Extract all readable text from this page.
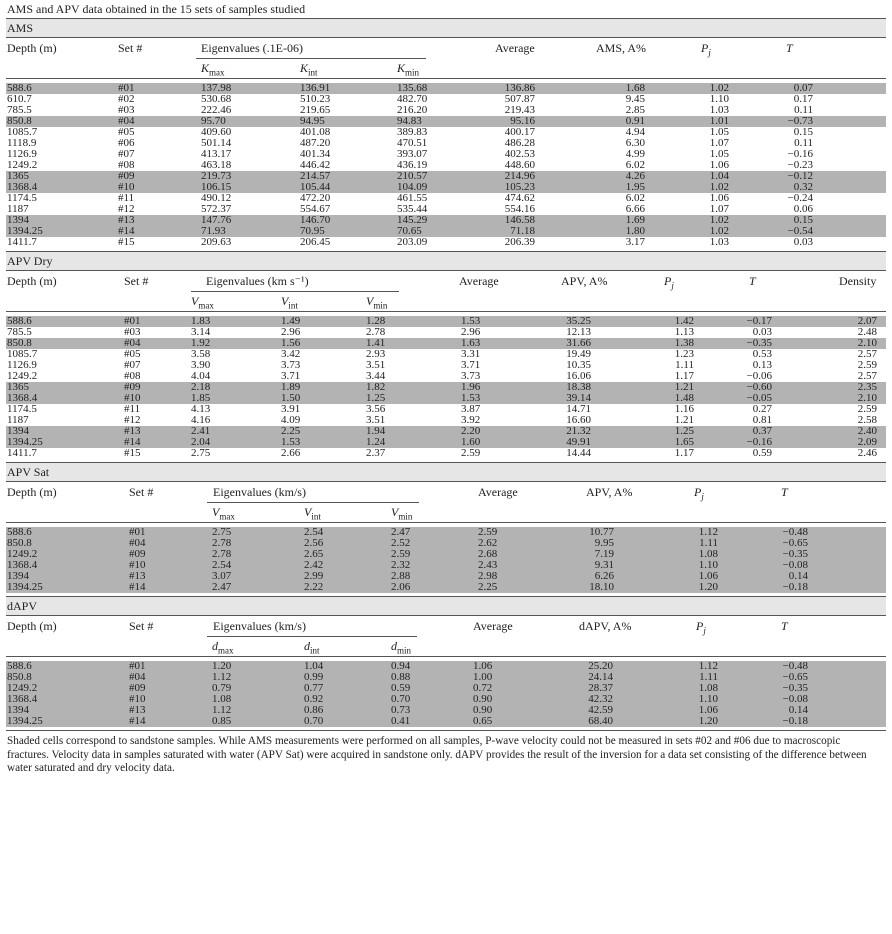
AMS and APV data obtained in the 15 sets of samples studied
AMS
Depth (m)	Set #	Eigenvalues (.1E-06)	Average	AMS, A%	$P_j$	T
$K_{max}$	$K_{int}$	$K_{min}$
588.6	#01	137.98	136.91	135.68	136.86	1.68	1.02	0.07
610.7	#02	530.68	510.23	482.70	507.87	9.45	1.10	0.17
785.5	#03	222.46	219.65	216.20	219.43	2.85	1.03	0.11
850.8	#04	95.70	94.95	94.83	95.16	0.91	1.01	−0.73
1085.7	#05	409.60	401.08	389.83	400.17	4.94	1.05	0.15
1118.9	#06	501.14	487.20	470.51	486.28	6.30	1.07	0.11
1126.9	#07	413.17	401.34	393.07	402.53	4.99	1.05	−0.16
1249.2	#08	463.18	446.42	436.19	448.60	6.02	1.06	−0.23
1365	#09	219.73	214.57	210.57	214.96	4.26	1.04	−0.12
1368.4	#10	106.15	105.44	104.09	105.23	1.95	1.02	0.32
1174.5	#11	490.12	472.20	461.55	474.62	6.02	1.06	−0.24
1187	#12	572.37	554.67	535.44	554.16	6.66	1.07	0.06
1394	#13	147.76	146.70	145.29	146.58	1.69	1.02	0.15
1394.25	#14	71.93	70.95	70.65	71.18	1.80	1.02	−0.54
1411.7	#15	209.63	206.45	203.09	206.39	3.17	1.03	0.03
APV Dry
Depth (m)	Set #	Eigenvalues (km s⁻¹)	Average	APV, A%	$P_j$	T	Density
$V_{max}$	$V_{int}$	$V_{min}$
588.6	#01	1.83	1.49	1.28	1.53	35.25	1.42	−0.17	2.07
785.5	#03	3.14	2.96	2.78	2.96	12.13	1.13	0.03	2.48
850.8	#04	1.92	1.56	1.41	1.63	31.66	1.38	−0.35	2.10
1085.7	#05	3.58	3.42	2.93	3.31	19.49	1.23	0.53	2.57
1126.9	#07	3.90	3.73	3.51	3.71	10.35	1.11	0.13	2.59
1249.2	#08	4.04	3.71	3.44	3.73	16.06	1.17	−0.06	2.57
1365	#09	2.18	1.89	1.82	1.96	18.38	1.21	−0.60	2.35
1368.4	#10	1.85	1.50	1.25	1.53	39.14	1.48	−0.05	2.10
1174.5	#11	4.13	3.91	3.56	3.87	14.71	1.16	0.27	2.59
1187	#12	4.16	4.09	3.51	3.92	16.60	1.21	0.81	2.58
1394	#13	2.41	2.25	1.94	2.20	21.32	1.25	0.37	2.40
1394.25	#14	2.04	1.53	1.24	1.60	49.91	1.65	−0.16	2.09
1411.7	#15	2.75	2.66	2.37	2.59	14.44	1.17	0.59	2.46
APV Sat
Depth (m)	Set #	Eigenvalues (km/s)	Average	APV, A%	$P_j$	T
$V_{max}$	$V_{int}$	$V_{min}$
588.6	#01	2.75	2.54	2.47	2.59	10.77	1.12	−0.48
850.8	#04	2.78	2.56	2.52	2.62	9.95	1.11	−0.65
1249.2	#09	2.78	2.65	2.59	2.68	7.19	1.08	−0.35
1368.4	#10	2.54	2.42	2.32	2.43	9.31	1.10	−0.08
1394	#13	3.07	2.99	2.88	2.98	6.26	1.06	0.14
1394.25	#14	2.47	2.22	2.06	2.25	18.10	1.20	−0.18
dAPV
Depth (m)	Set #	Eigenvalues (km/s)	Average	dAPV, A%	$P_j$	T
$d_{max}$	$d_{int}$	$d_{min}$
588.6	#01	1.20	1.04	0.94	1.06	25.20	1.12	−0.48
850.8	#04	1.12	0.99	0.88	1.00	24.14	1.11	−0.65
1249.2	#09	0.79	0.77	0.59	0.72	28.37	1.08	−0.35
1368.4	#10	1.08	0.92	0.70	0.90	42.32	1.10	−0.08
1394	#13	1.12	0.86	0.73	0.90	42.59	1.06	0.14
1394.25	#14	0.85	0.70	0.41	0.65	68.40	1.20	−0.18
Shaded cells correspond to sandstone samples. While AMS measurements were performed on all samples, P-wave velocity could not be measured in sets #02 and #06 due to macroscopic fractures. Velocity data in samples saturated with water (APV Sat) were acquired in sandstone only. dAPV provides the result of the inversion for a data set consisting of the difference between water saturated and dry velocity data.
